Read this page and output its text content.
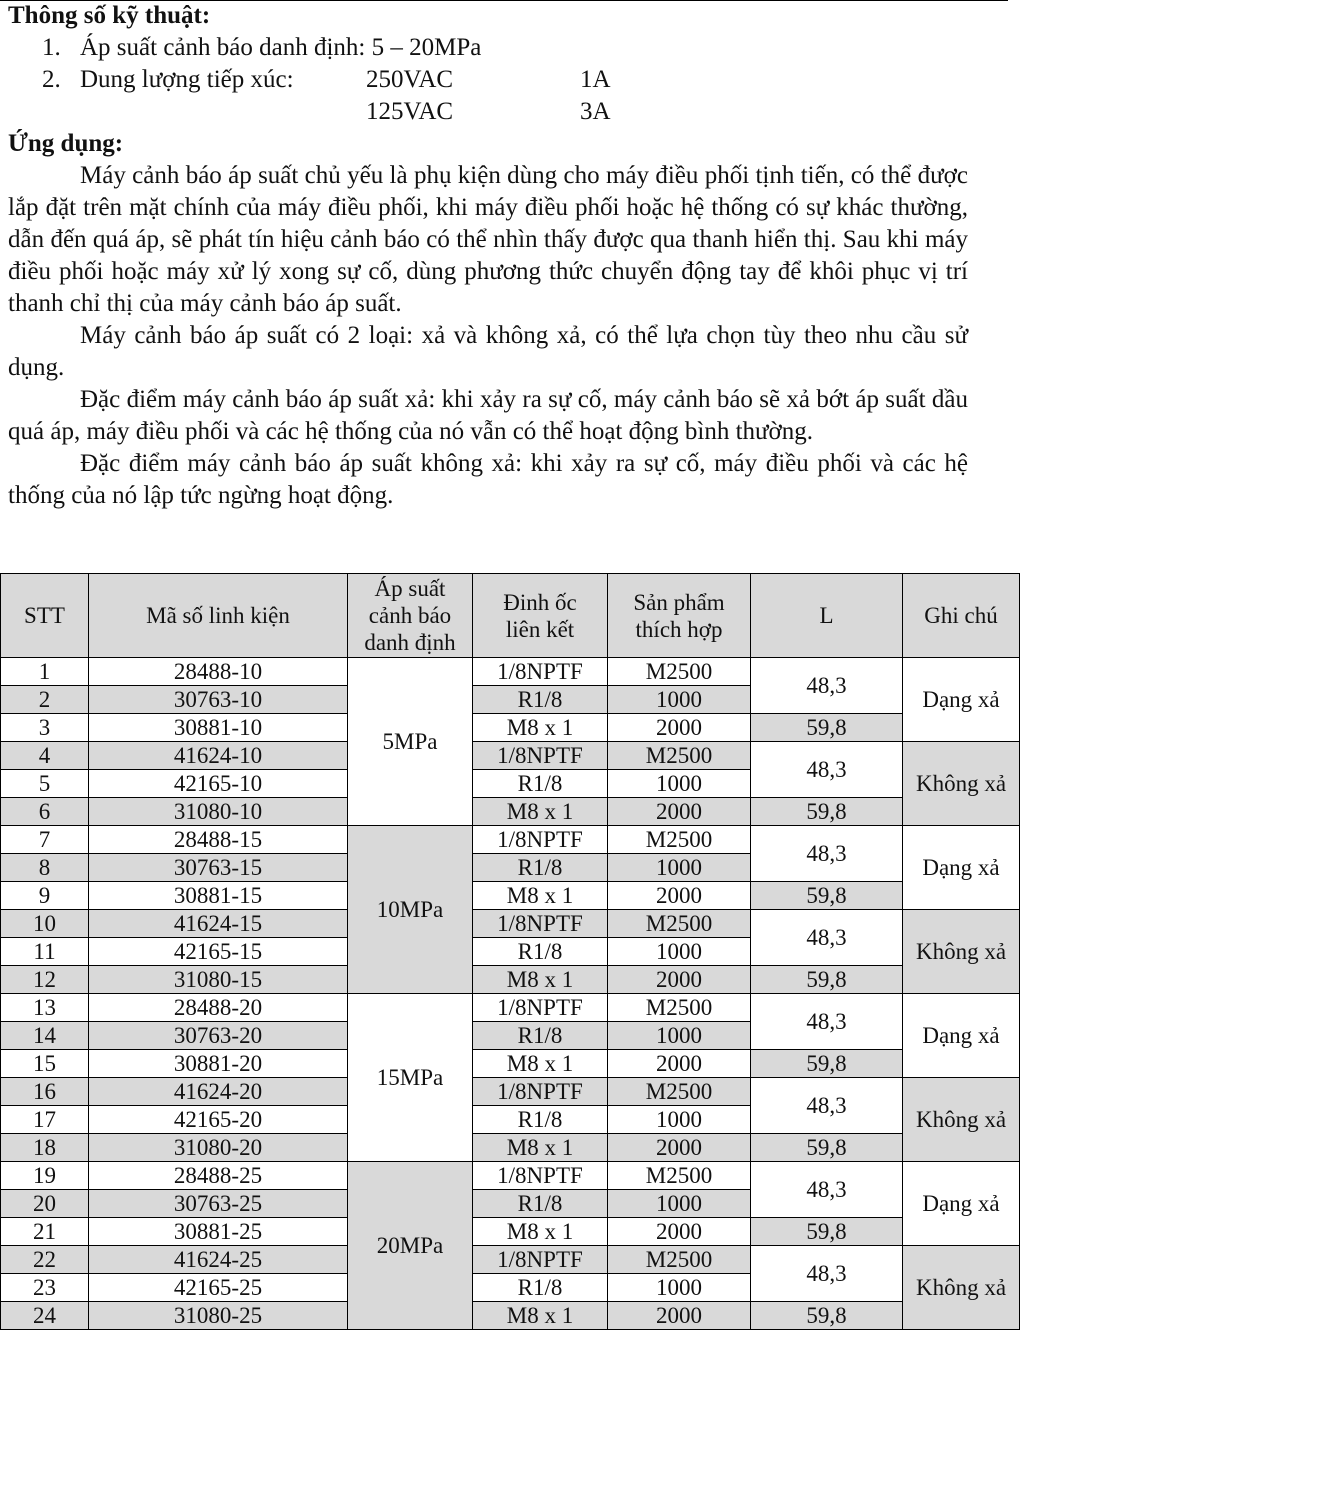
Thông số kỹ thuật:
1. Áp suất cảnh báo danh định: 5 – 20MPa
2. Dung lượng tiếp xúc:	250VAC	1A
125VAC	3A
Ứng dụng:
Máy cảnh báo áp suất chủ yếu là phụ kiện dùng cho máy điều phối tịnh tiến, có thể được lắp đặt trên mặt chính của máy điều phối, khi máy điều phối hoặc hệ thống có sự khác thường, dẫn đến quá áp, sẽ phát tín hiệu cảnh báo có thể nhìn thấy được qua thanh hiển thị. Sau khi máy điều phối hoặc máy xử lý xong sự cố, dùng phương thức chuyển động tay để khôi phục vị trí thanh chỉ thị của máy cảnh báo áp suất.
Máy cảnh báo áp suất có 2 loại: xả và không xả, có thể lựa chọn tùy theo nhu cầu sử dụng.
Đặc điểm máy cảnh báo áp suất xả: khi xảy ra sự cố, máy cảnh báo sẽ xả bớt áp suất dầu quá áp, máy điều phối và các hệ thống của nó vẫn có thể hoạt động bình thường.
Đặc điểm máy cảnh báo áp suất không xả: khi xảy ra sự cố, máy điều phối và các hệ thống của nó lập tức ngừng hoạt động.
STT	Mã số linh kiện	Áp suất cảnh báo danh định	Đinh ốc liên kết	Sản phẩm thích hợp	L	Ghi chú
1	28488-10	5MPa	1/8NPTF	M2500	48,3	Dạng xả
2	30763-10		R1/8	1000		
3	30881-10		M8 x 1	2000	59,8	
4	41624-10		1/8NPTF	M2500	48,3	Không xả
5	42165-10		R1/8	1000		
6	31080-10		M8 x 1	2000	59,8	
7	28488-15	10MPa	1/8NPTF	M2500	48,3	Dạng xả
8	30763-15		R1/8	1000		
9	30881-15		M8 x 1	2000	59,8	
10	41624-15		1/8NPTF	M2500	48,3	Không xả
11	42165-15		R1/8	1000		
12	31080-15		M8 x 1	2000	59,8	
13	28488-20	15MPa	1/8NPTF	M2500	48,3	Dạng xả
14	30763-20		R1/8	1000		
15	30881-20		M8 x 1	2000	59,8	
16	41624-20		1/8NPTF	M2500	48,3	Không xả
17	42165-20		R1/8	1000		
18	31080-20		M8 x 1	2000	59,8	
19	28488-25	20MPa	1/8NPTF	M2500	48,3	Dạng xả
20	30763-25		R1/8	1000		
21	30881-25		M8 x 1	2000	59,8	
22	41624-25		1/8NPTF	M2500	48,3	Không xả
23	42165-25		R1/8	1000		
24	31080-25		M8 x 1	2000	59,8	
